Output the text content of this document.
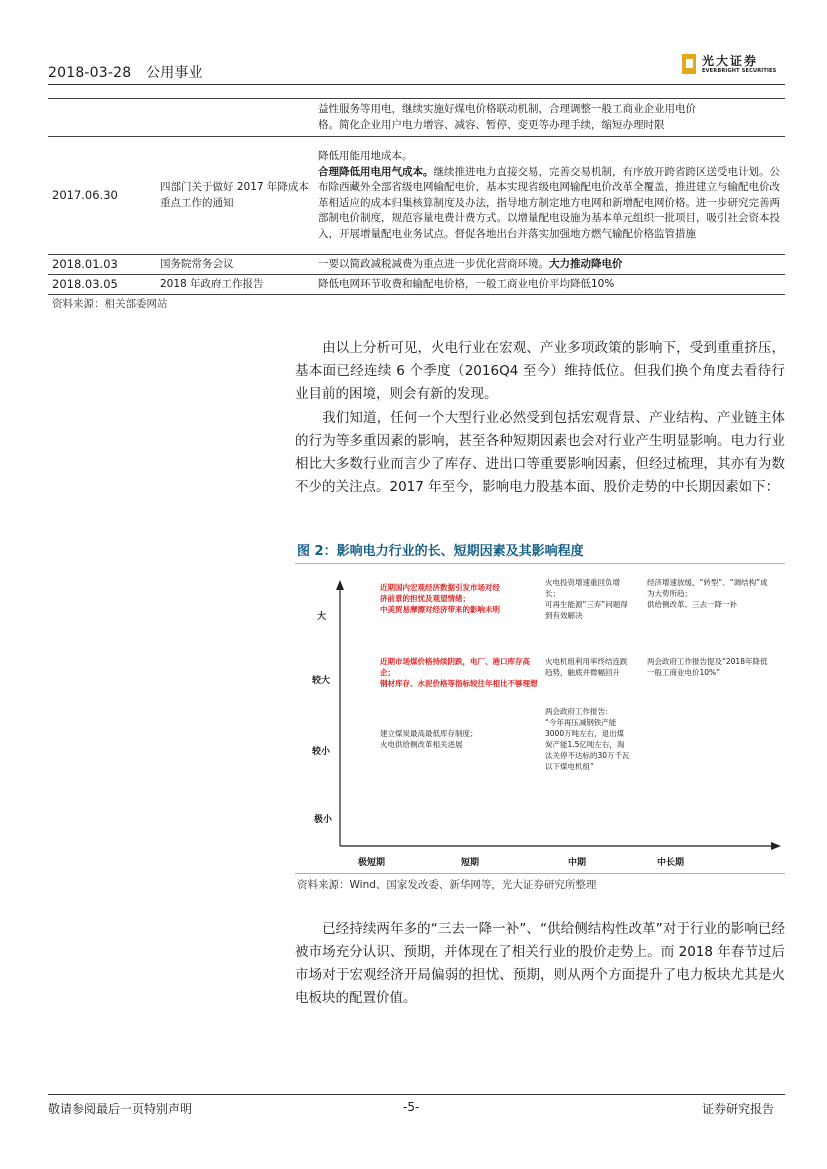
2018-03-28 公用事业
光大证券
EVERBRIGHT SECURITIES

		益性服务等用电，继续实施好煤电价格联动机制，合理调整一般工商业企业用电价

格。简化企业用户电力增容、减容、暂停、变更等办理手续，缩短办理时限

2017.06.30	四部门关于做好 2017 年降成本重点工作的通知	降低用能用地成本。

合理降低用电用气成本。继续推进电力直接交易，完善交易机制，有序放开跨省跨区送受电计划。公布除西藏外全部省级电网输配电价，基本实现省级电网输配电价改革全覆盖，推进建立与输配电价改革相适应的成本归集核算制度及办法，指导地方制定地方电网和新增配电网价格。进一步研究完善两部制电价制度，规范容量电费计费方式。以增量配电设施为基本单元组织一批项目，吸引社会资本投入，开展增量配电业务试点。督促各地出台并落实加强地方燃气输配价格监管措施

2018.01.03	国务院常务会议	一要以简政减税减费为重点进一步优化营商环境。大力推动降电价
2018.03.05	2018 年政府工作报告	降低电网环节收费和输配电价格，一般工商业电价平均降低10%
资料来源：相关部委网站

由以上分析可见，火电行业在宏观、产业多项政策的影响下，受到重重挤压，基本面已经连续 6 个季度（2016Q4 至今）维持低位。但我们换个角度去看待行业目前的困境，则会有新的发现。

我们知道，任何一个大型行业必然受到包括宏观背景、产业结构、产业链主体的行为等多重因素的影响，甚至各种短期因素也会对行业产生明显影响。电力行业相比大多数行业而言少了库存、进出口等重要影响因素，但经过梳理，其亦有为数不少的关注点。2017 年至今，影响电力股基本面、股价走势的中长期因素如下：

图 2：影响电力行业的长、短期因素及其影响程度
大
较大
较小
极小
极短期	短期	中期	中长期
近期国内宏观经济数据引发市场对经济前景的担忧及观望情绪；
中美贸易摩擦对经济带来的影响未明
近期市场煤价格持续阴跌，电厂、港口库存高企；
钢材库存、水泥价格等指标较往年相比不够理想
建立煤炭最高最低库存制度；
火电供给侧改革相关进展
火电投资增速重回负增长；
可再生能源“三弃”问题得到有效解决
火电机组利用率终结连跌趋势，触底并微幅回升
两会政府工作报告：
“今年再压减钢铁产能3000万吨左右，退出煤炭产能1.5亿吨左右，淘汰关停不达标的30万千瓦以下煤电机组”
经济增速放缓，“转型”、“调结构”成为大势所趋；
供给侧改革、三去一降一补
两会政府工作报告提及“2018年降低一般工商业电价10%”
资料来源：Wind、国家发改委、新华网等，光大证券研究所整理

已经持续两年多的“三去一降一补”、“供给侧结构性改革”对于行业的影响已经被市场充分认识、预期，并体现在了相关行业的股价走势上。而 2018 年春节过后市场对于宏观经济开局偏弱的担忧、预期，则从两个方面提升了电力板块尤其是火电板块的配置价值。

敬请参阅最后一页特别声明	-5-	证券研究报告
